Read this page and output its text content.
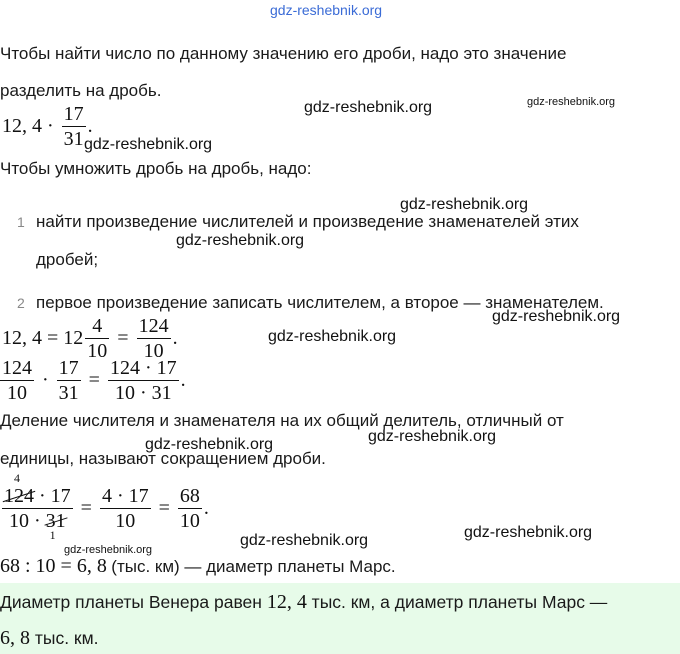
gdz-reshebnik.org
gdz-reshebnik.org	gdz-reshebnik.org
gdz-reshebnik.org
gdz-reshebnik.org
gdz-reshebnik.org
gdz-reshebnik.org
gdz-reshebnik.org
gdz-reshebnik.org	gdz-reshebnik.org
gdz-reshebnik.org	gdz-reshebnik.org
gdz-reshebnik.org
Чтобы найти число по данному значению его дроби, надо это значение
разделить на дробь.
12, $4 \cdot \frac{17}{31}$ .
Чтобы умножить дробь на дробь, надо:
1 найти произведение числителей и произведение знаменателей этих
дробей;
2 первое произведение записать числителем, а второе — знаменателем.
12, $4 = 12 \frac{4}{10} = \frac{124}{10}$ .
$\frac{124}{10} \cdot \frac{17}{31} = \frac{124 \cdot 17}{10 \cdot 31}$ .
Деление числителя и знаменателя на их общий делитель, отличный от
единицы, называют сокращением дроби.
124
4
· 17
10 · 31
$1 = \frac{4 \cdot 17}{10} = \frac{68}{10}$ .
68 : 10 = 6, 8 (тыс. км) — диаметр планеты Марс.
Диаметр планеты Венера равен 12, 4 тыс. км, а диаметр планеты Марс —
6, 8 тыс. км.
